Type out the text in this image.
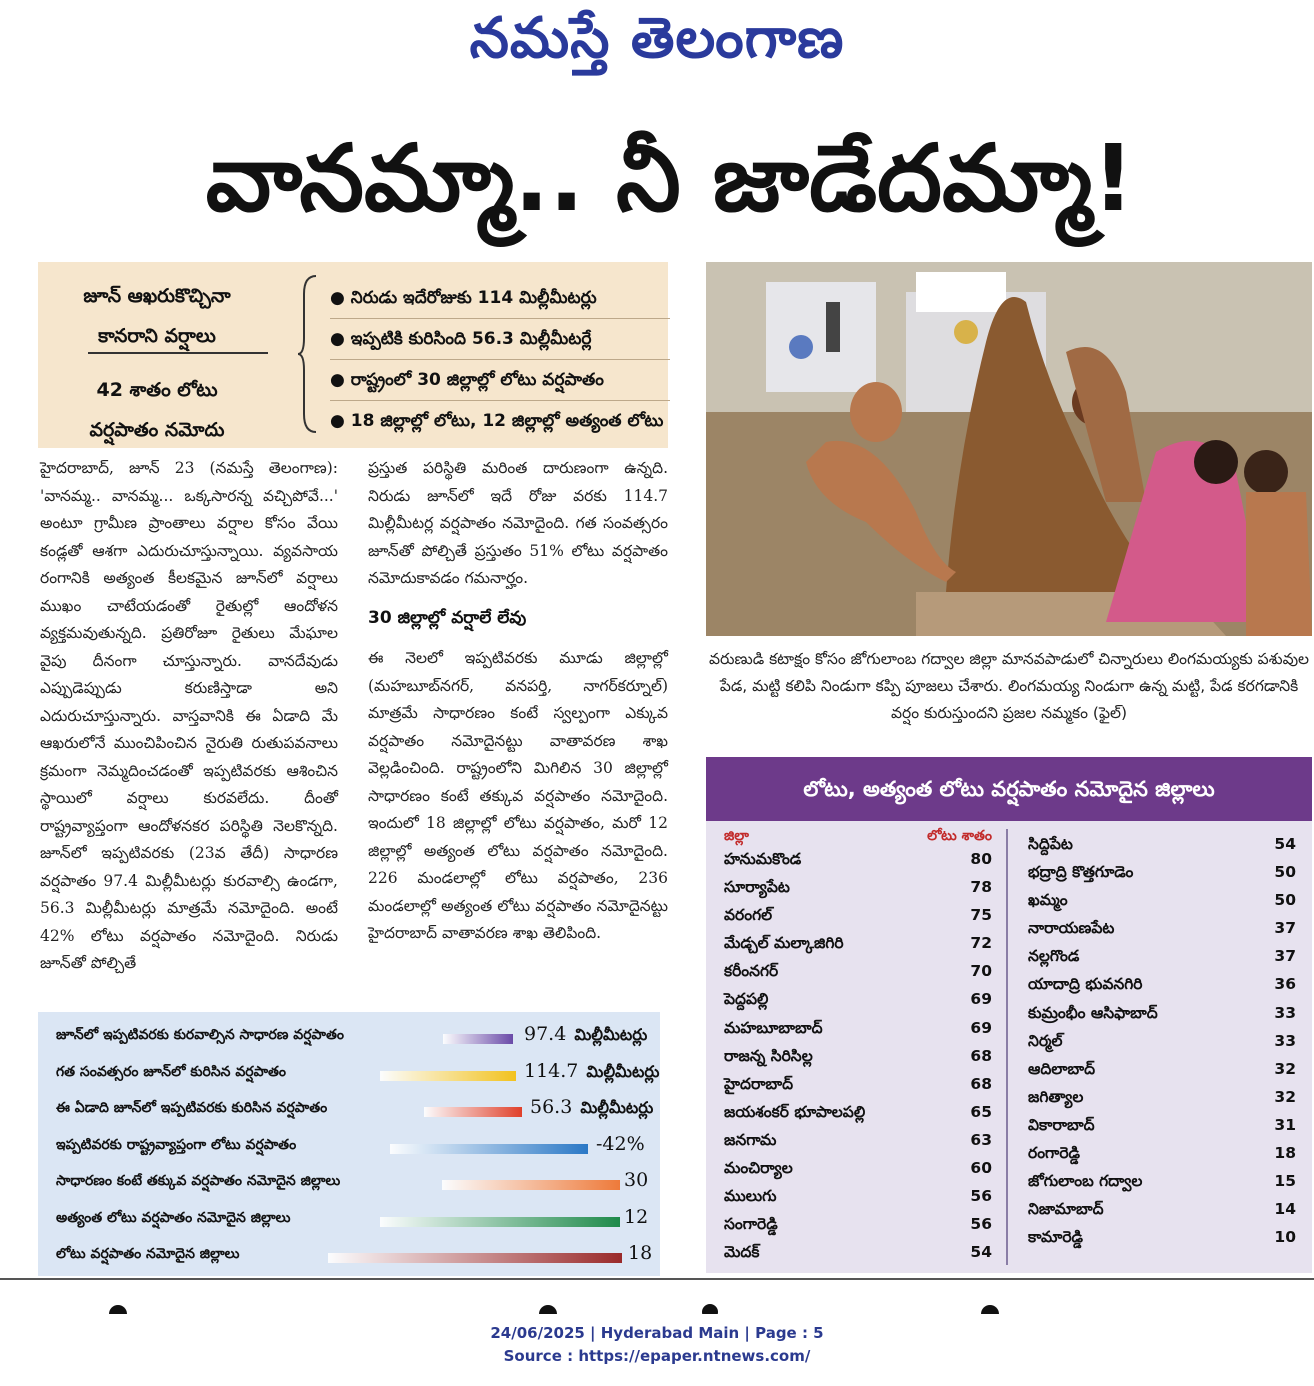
నమస్తే తెలంగాణ
వానమ్మా.. నీ జాడేదమ్మా!
జూన్ ఆఖరుకొచ్చినా
కానరాని వర్షాలు
42 శాతం లోటు
వర్షపాతం నమోదు
● నిరుడు ఇదేరోజుకు 114 మిల్లీమీటర్లు
● ఇప్పటికి కురిసింది 56.3 మిల్లీమీటర్లే
● రాష్ట్రంలో 30 జిల్లాల్లో లోటు వర్షపాతం
● 18 జిల్లాల్లో లోటు, 12 జిల్లాల్లో అత్యంత లోటు
హైదరాబాద్, జూన్ 23 (నమస్తే తెలంగాణ): 'వానమ్మ.. వానమ్మ... ఒక్కసారన్న వచ్చిపోవే...' అంటూ గ్రామీణ ప్రాంతాలు వర్షాల కోసం వేయి కండ్లతో ఆశగా ఎదురుచూస్తున్నాయి. వ్యవసాయ రంగానికి అత్యంత కీలకమైన జూన్‌లో వర్షాలు ముఖం చాటేయడంతో రైతుల్లో ఆందోళన వ్యక్తమవుతున్నది. ప్రతిరోజూ రైతులు మేఘాల వైపు దీనంగా చూస్తున్నారు. వానదేవుడు ఎప్పుడెప్పుడు కరుణిస్తాడా అని ఎదురుచూస్తున్నారు. వాస్తవానికి ఈ ఏడాది మే ఆఖరులోనే ముంచిపించిన నైరుతి రుతుపవనాలు క్రమంగా నెమ్మదించడంతో ఇప్పటివరకు ఆశించిన స్థాయిలో వర్షాలు కురవలేదు. దీంతో రాష్ట్రవ్యాప్తంగా ఆందోళనకర పరిస్థితి నెలకొన్నది. జూన్‌లో ఇప్పటివరకు (23వ తేదీ) సాధారణ వర్షపాతం 97.4 మిల్లీమీటర్లు కురవాల్సి ఉండగా, 56.3 మిల్లీమీటర్లు మాత్రమే నమోదైంది. అంటే 42% లోటు వర్షపాతం నమోదైంది. నిరుడు జూన్‌తో పోల్చితే
ప్రస్తుత పరిస్థితి మరింత దారుణంగా ఉన్నది. నిరుడు జూన్‌లో ఇదే రోజు వరకు 114.7 మిల్లీమీటర్ల వర్షపాతం నమోదైంది. గత సంవత్సరం జూన్‌తో పోల్చితే ప్రస్తుతం 51% లోటు వర్షపాతం నమోదుకావడం గమనార్హం.
30 జిల్లాల్లో వర్షాలే లేవు
ఈ నెలలో ఇప్పటివరకు మూడు జిల్లాల్లో (మహబూబ్‌నగర్, వనపర్తి, నాగర్‌కర్నూల్) మాత్రమే సాధారణం కంటే స్వల్పంగా ఎక్కువ వర్షపాతం నమోదైనట్టు వాతావరణ శాఖ వెల్లడించింది. రాష్ట్రంలోని మిగిలిన 30 జిల్లాల్లో సాధారణం కంటే తక్కువ వర్షపాతం నమోదైంది. ఇందులో 18 జిల్లాల్లో లోటు వర్షపాతం, మరో 12 జిల్లాల్లో అత్యంత లోటు వర్షపాతం నమోదైంది. 226 మండలాల్లో లోటు వర్షపాతం, 236 మండలాల్లో అత్యంత లోటు వర్షపాతం నమోదైనట్టు హైదరాబాద్ వాతావరణ శాఖ తెలిపింది.
వరుణుడి కటాక్షం కోసం జోగులాంబ గద్వాల జిల్లా మానవపాడులో చిన్నారులు లింగమయ్యకు పశువుల పేడ, మట్టి కలిపి నిండుగా కప్పి పూజలు చేశారు. లింగమయ్య నిండుగా ఉన్న మట్టి, పేడ కరగడానికి వర్షం కురుస్తుందని ప్రజల నమ్మకం (ఫైల్)
లోటు, అత్యంత లోటు వర్షపాతం నమోదైన జిల్లాలు
జిల్లా	లోటు శాతం
హనుమకొండ	80
సూర్యాపేట	78
వరంగల్	75
మేడ్చల్ మల్కాజిగిరి	72
కరీంనగర్	70
పెద్దపల్లి	69
మహబూబాబాద్	69
రాజన్న సిరిసిల్ల	68
హైదరాబాద్	68
జయశంకర్ భూపాలపల్లి	65
జనగామ	63
మంచిర్యాల	60
ములుగు	56
సంగారెడ్డి	56
మెదక్	54
సిద్దిపేట	54
భద్రాద్రి కొత్తగూడెం	50
ఖమ్మం	50
నారాయణపేట	37
నల్లగొండ	37
యాదాద్రి భువనగిరి	36
కుమ్రంభీం ఆసిఫాబాద్	33
నిర్మల్	33
ఆదిలాబాద్	32
జగిత్యాల	32
వికారాబాద్	31
రంగారెడ్డి	18
జోగులాంబ గద్వాల	15
నిజామాబాద్	14
కామారెడ్డి	10
జూన్‌లో ఇప్పటివరకు కురవాల్సిన సాధారణ వర్షపాతం	97.4 మిల్లీమీటర్లు
గత సంవత్సరం జూన్‌లో కురిసిన వర్షపాతం	114.7 మిల్లీమీటర్లు
ఈ ఏడాది జూన్‌లో ఇప్పటివరకు కురిసిన వర్షపాతం	56.3 మిల్లీమీటర్లు
ఇప్పటివరకు రాష్ట్రవ్యాప్తంగా లోటు వర్షపాతం	-42%
సాధారణం కంటే తక్కువ వర్షపాతం నమోదైన జిల్లాలు	30
అత్యంత లోటు వర్షపాతం నమోదైన జిల్లాలు	12
లోటు వర్షపాతం నమోదైన జిల్లాలు	18
24/06/2025 | Hyderabad Main | Page : 5
Source : https://epaper.ntnews.com/
